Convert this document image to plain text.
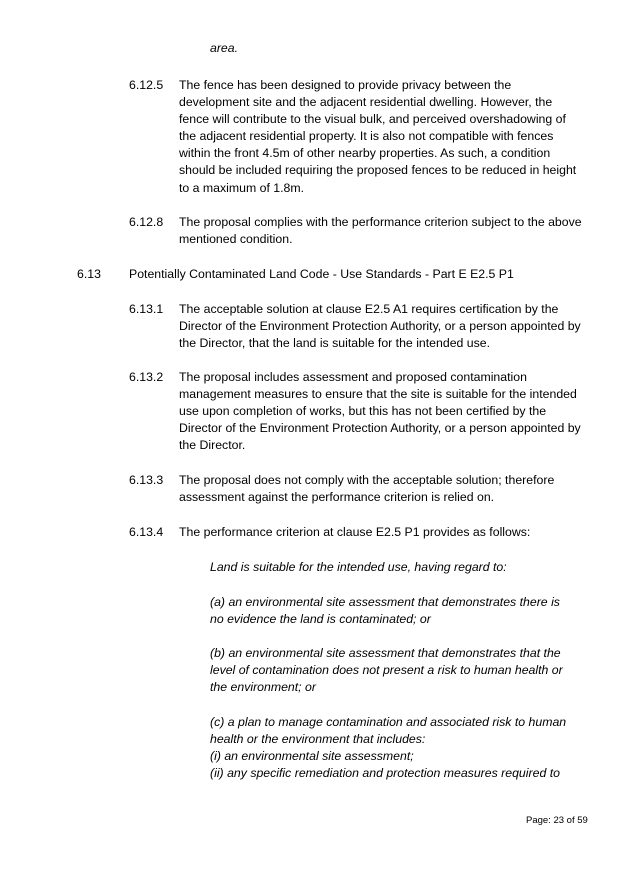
area.
6.12.5 The fence has been designed to provide privacy between the
development site and the adjacent residential dwelling. However, the
fence will contribute to the visual bulk, and perceived overshadowing of
the adjacent residential property. It is also not compatible with fences
within the front 4.5m of other nearby properties. As such, a condition
should be included requiring the proposed fences to be reduced in height
to a maximum of 1.8m.
6.12.8 The proposal complies with the performance criterion subject to the above
mentioned condition.
6.13 Potentially Contaminated Land Code - Use Standards - Part E E2.5 P1
6.13.1 The acceptable solution at clause E2.5 A1 requires certification by the
Director of the Environment Protection Authority, or a person appointed by
the Director, that the land is suitable for the intended use.
6.13.2 The proposal includes assessment and proposed contamination
management measures to ensure that the site is suitable for the intended
use upon completion of works, but this has not been certified by the
Director of the Environment Protection Authority, or a person appointed by
the Director.
6.13.3 The proposal does not comply with the acceptable solution; therefore
assessment against the performance criterion is relied on.
6.13.4 The performance criterion at clause E2.5 P1 provides as follows:
Land is suitable for the intended use, having regard to:
(a) an environmental site assessment that demonstrates there is
no evidence the land is contaminated; or
(b) an environmental site assessment that demonstrates that the
level of contamination does not present a risk to human health or
the environment; or
(c) a plan to manage contamination and associated risk to human
health or the environment that includes:
(i) an environmental site assessment;
(ii) any specific remediation and protection measures required to
Page: 23 of 59
